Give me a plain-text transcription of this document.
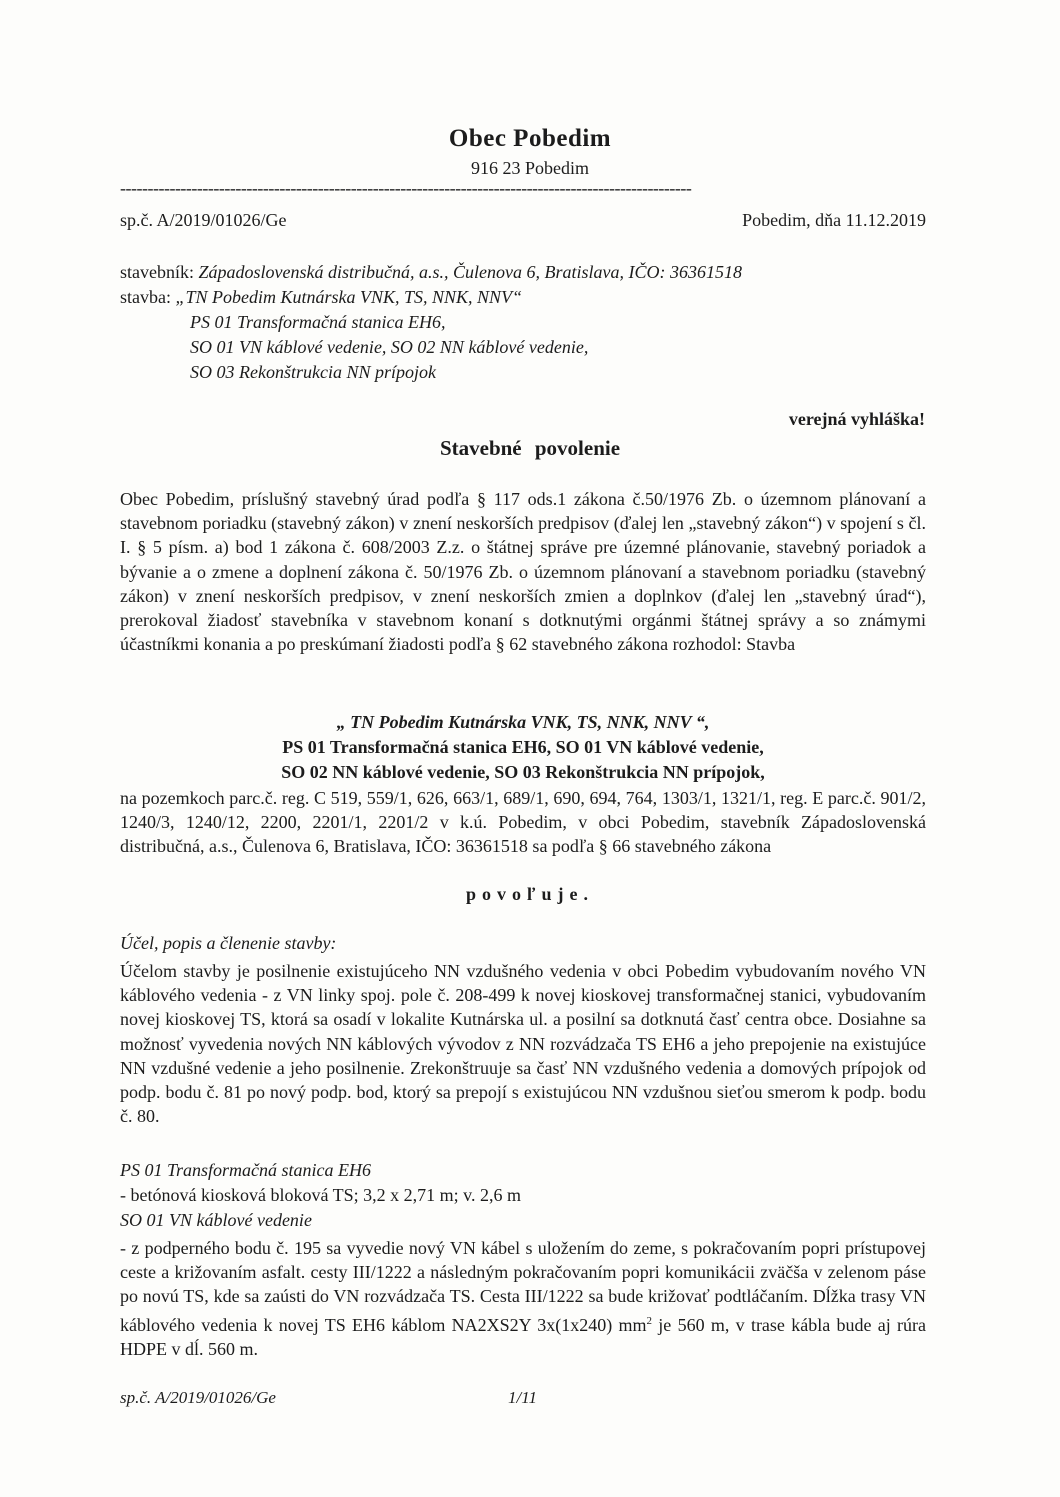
Obec Pobedim
916 23 Pobedim
--------------------------------------------------------------------------------------------------------
sp.č. A/2019/01026/Ge	Pobedim, dňa 11.12.2019
stavebník: Západoslovenská distribučná, a.s., Čulenova 6, Bratislava, IČO: 36361518
stavba: „TN Pobedim Kutnárska VNK, TS, NNK, NNV“
PS 01 Transformačná stanica EH6,
SO 01 VN káblové vedenie, SO 02 NN káblové vedenie,
SO 03 Rekonštrukcia NN prípojok
verejná vyhláška!
Stavebné povolenie
Obec Pobedim, príslušný stavebný úrad podľa § 117 ods.1 zákona č.50/1976 Zb. o územnom plánovaní a stavebnom poriadku (stavebný zákon) v znení neskorších predpisov (ďalej len „stavebný zákon“) v spojení s čl. I. § 5 písm. a) bod 1 zákona č. 608/2003 Z.z. o štátnej správe pre územné plánovanie, stavebný poriadok a bývanie a o zmene a doplnení zákona č. 50/1976 Zb. o územnom plánovaní a stavebnom poriadku (stavebný zákon) v znení neskorších predpisov, v znení neskorších zmien a doplnkov (ďalej len „stavebný úrad“), prerokoval žiadosť stavebníka v stavebnom konaní s dotknutými orgánmi štátnej správy a so známymi účastníkmi konania a po preskúmaní žiadosti podľa § 62 stavebného zákona rozhodol: Stavba
„ TN Pobedim Kutnárska VNK, TS, NNK, NNV “,
PS 01 Transformačná stanica EH6, SO 01 VN káblové vedenie,
SO 02 NN káblové vedenie, SO 03 Rekonštrukcia NN prípojok,
na pozemkoch parc.č. reg. C 519, 559/1, 626, 663/1, 689/1, 690, 694, 764, 1303/1, 1321/1, reg. E parc.č. 901/2, 1240/3, 1240/12, 2200, 2201/1, 2201/2 v k.ú. Pobedim, v obci Pobedim, stavebník Západoslovenská distribučná, a.s., Čulenova 6, Bratislava, IČO: 36361518 sa podľa § 66 stavebného zákona
povoľuje.
Účel, popis a členenie stavby:
Účelom stavby je posilnenie existujúceho NN vzdušného vedenia v obci Pobedim vybudovaním nového VN káblového vedenia - z VN linky spoj. pole č. 208-499 k novej kioskovej transformačnej stanici, vybudovaním novej kioskovej TS, ktorá sa osadí v lokalite Kutnárska ul. a posilní sa dotknutá časť centra obce. Dosiahne sa možnosť vyvedenia nových NN káblových vývodov z NN rozvádzača TS EH6 a jeho prepojenie na existujúce NN vzdušné vedenie a jeho posilnenie. Zrekonštruuje sa časť NN vzdušného vedenia a domových prípojok od podp. bodu č. 81 po nový podp. bod, ktorý sa prepojí s existujúcou NN vzdušnou sieťou smerom k podp. bodu č. 80.
PS 01 Transformačná stanica EH6
- betónová kiosková bloková TS; 3,2 x 2,71 m; v. 2,6 m
SO 01 VN káblové vedenie
- z podperného bodu č. 195 sa vyvedie nový VN kábel s uložením do zeme, s pokračovaním popri prístupovej ceste a križovaním asfalt. cesty III/1222 a následným pokračovaním popri komunikácii zväčša v zelenom páse po novú TS, kde sa zaústi do VN rozvádzača TS. Cesta III/1222 sa bude križovať podtláčaním. Dĺžka trasy VN káblového vedenia k novej TS EH6 káblom NA2XS2Y 3x(1x240) $mm^2$ je 560 m, v trase kábla bude aj rúra HDPE v dĺ. 560 m.
sp.č. A/2019/01026/Ge	1/11
